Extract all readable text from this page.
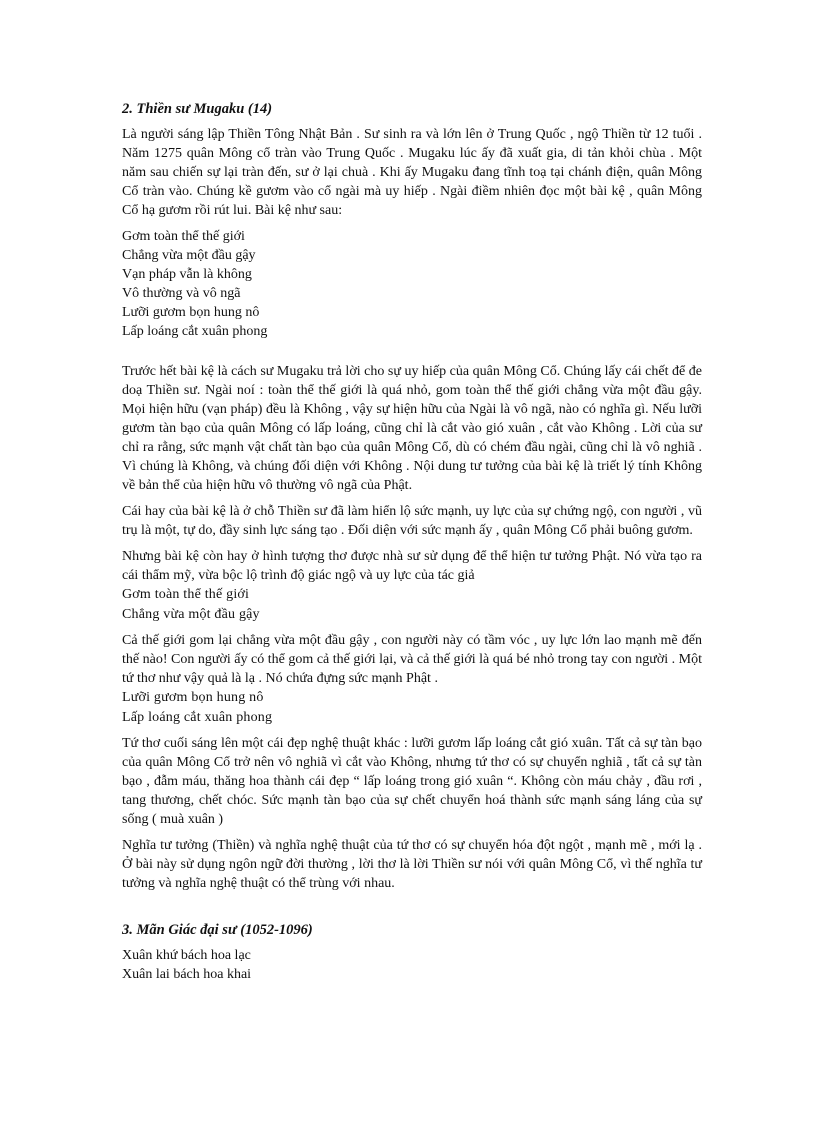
2. Thiền sư Mugaku (14)

Là người sáng lập Thiền Tông Nhật Bản . Sư sinh ra và lớn lên ở Trung Quốc , ngộ Thiền từ 12 tuổi . Năm 1275 quân Mông cổ tràn vào Trung Quốc . Mugaku lúc ấy đã xuất gia, di tản khỏi chùa . Một năm sau chiến sự lại tràn đến, sư ở lại chuà . Khi ấy Mugaku đang tĩnh toạ tại chánh điện, quân Mông Cổ tràn vào. Chúng kề gươm vào cổ ngài mà uy hiếp . Ngài điềm nhiên đọc một bài kệ , quân Mông Cổ hạ gươm rồi rút lui. Bài kệ như sau:

Gơm toàn thể thế giới
Chẳng vừa một đầu gậy
Vạn pháp vẫn là không
Vô thường và vô ngã
Lưỡi gươm bọn hung nô
Lấp loáng cắt xuân phong

Trước hết bài kệ là cách sư Mugaku trả lời cho sự uy hiếp của quân Mông Cổ. Chúng lấy cái chết để đe doạ Thiền sư. Ngài noí : toàn thể thế giới là quá nhỏ, gom toàn thể thế giới chẳng vừa một đầu gậy. Mọi hiện hữu (vạn pháp) đều là Không , vậy sự hiện hữu của Ngài là vô ngã, nào có nghĩa gì. Nếu lưỡi gươm tàn bạo của quân Mông có lấp loáng, cũng chỉ là cắt vào gió xuân , cắt vào Không . Lời của sư chỉ ra rằng, sức mạnh vật chất tàn bạo của quân Mông Cổ, dù có chém đầu ngài, cũng chỉ là vô nghiã . Vì chúng là Không, và chúng đối diện với Không . Nội dung tư tưởng của bài kệ là triết lý tính Không về bản thể của hiện hữu vô thường vô ngã của Phật.

Cái hay của bài kệ là ở chỗ Thiền sư đã làm hiển lộ sức mạnh, uy lực của sự chứng ngộ, con người , vũ trụ là một, tự do, đầy sinh lực sáng tạo . Đối diện với sức mạnh ấy , quân Mông Cổ phải buông gươm.

Nhưng bài kệ còn hay ở hình tượng thơ được nhà sư sử dụng để thể hiện tư tưởng Phật. Nó vừa tạo ra cái thẩm mỹ, vừa bộc lộ trình độ giác ngộ và uy lực của tác giả

Gơm toàn thể thế giới

Chẳng vừa một đầu gậy

Cả thế giới gom lại chẳng vừa một đầu gậy , con người này có tầm vóc , uy lực lớn lao mạnh mẽ đến thế nào! Con người ấy có thể gom cả thế giới lại, và cả thế giới là quá bé nhỏ trong tay con người . Một tứ thơ như vậy quả là lạ . Nó chứa đựng sức mạnh Phật .

Lưỡi gươm bọn hung nô

Lấp loáng cắt xuân phong

Tứ thơ cuối sáng lên một cái đẹp nghệ thuật khác : lưỡi gươm lấp loáng cắt gió xuân. Tất cả sự tàn bạo của quân Mông Cổ trở nên vô nghiã vì cắt vào Không, nhưng tứ thơ có sự chuyển nghiã , tất cả sự tàn bạo , đẫm máu, thăng hoa thành cái đẹp “ lấp loáng trong gió xuân “. Không còn máu chảy , đầu rơi , tang thương, chết chóc. Sức mạnh tàn bạo của sự chết chuyển hoá thành sức mạnh sáng láng của sự sống ( muà xuân )

Nghĩa tư tưởng (Thiền) và nghĩa nghệ thuật của tứ thơ có sự chuyển hóa đột ngột , mạnh mẽ , mới lạ . Ở bài này sử dụng ngôn ngữ đời thường , lời thơ là lời Thiền sư nói với quân Mông Cổ, vì thế nghĩa tư tưởng và nghĩa nghệ thuật có thể trùng với nhau.

3. Mãn Giác đại sư (1052-1096)
Xuân khứ bách hoa lạc
Xuân lai bách hoa khai
